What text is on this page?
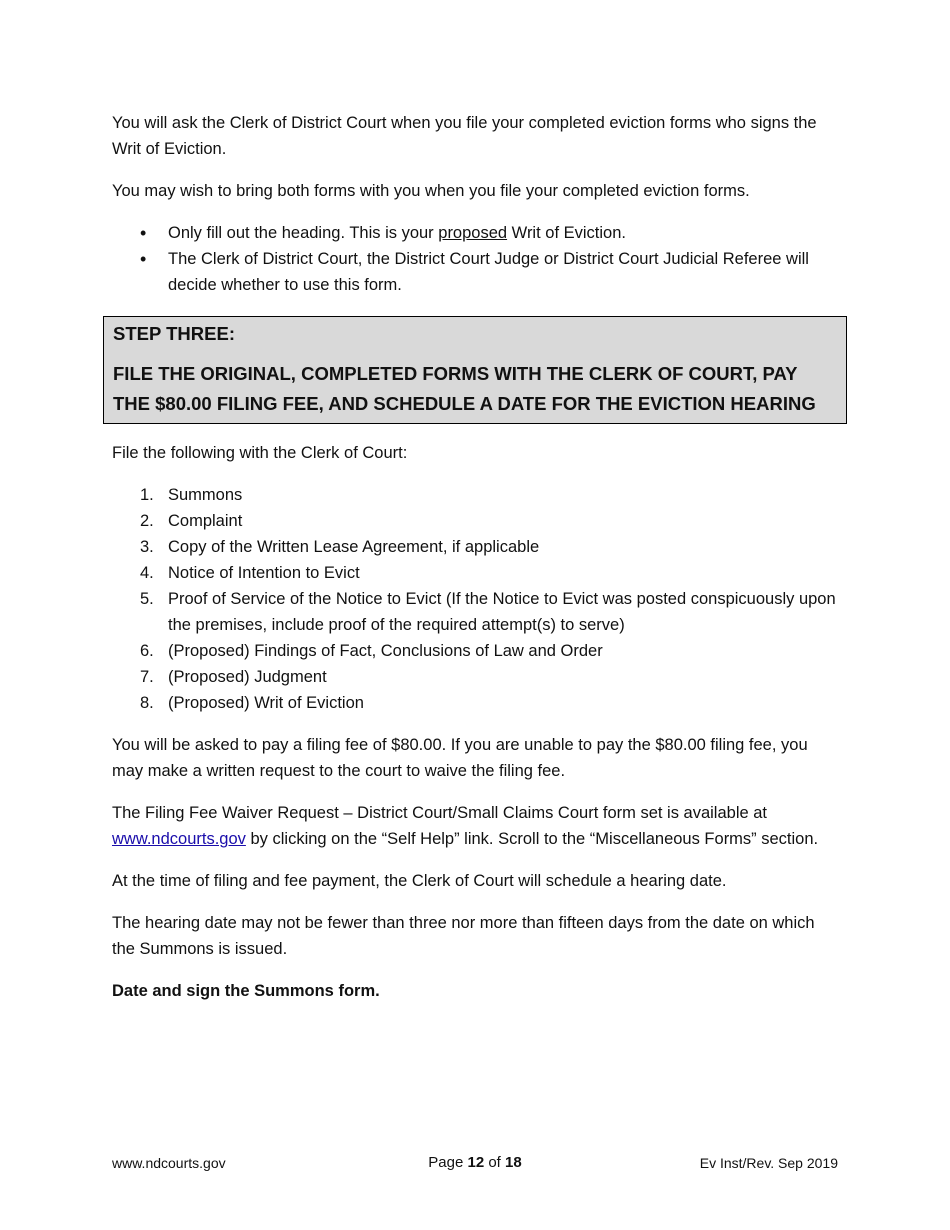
You will ask the Clerk of District Court when you file your completed eviction forms who signs the Writ of Eviction.

You may wish to bring both forms with you when you file your completed eviction forms.

• Only fill out the heading. This is your proposed Writ of Eviction.
• The Clerk of District Court, the District Court Judge or District Court Judicial Referee will decide whether to use this form.
STEP THREE:
FILE THE ORIGINAL, COMPLETED FORMS WITH THE CLERK OF COURT, PAY THE $80.00 FILING FEE, AND SCHEDULE A DATE FOR THE EVICTION HEARING

File the following with the Clerk of Court:

1. Summons
2. Complaint
3. Copy of the Written Lease Agreement, if applicable
4. Notice of Intention to Evict
5. Proof of Service of the Notice to Evict (If the Notice to Evict was posted conspicuously upon the premises, include proof of the required attempt(s) to serve)
6. (Proposed) Findings of Fact, Conclusions of Law and Order
7. (Proposed) Judgment
8. (Proposed) Writ of Eviction

You will be asked to pay a filing fee of $80.00. If you are unable to pay the $80.00 filing fee, you may make a written request to the court to waive the filing fee.

The Filing Fee Waiver Request – District Court/Small Claims Court form set is available at www.ndcourts.gov by clicking on the “Self Help” link. Scroll to the “Miscellaneous Forms” section.

At the time of filing and fee payment, the Clerk of Court will schedule a hearing date.

The hearing date may not be fewer than three nor more than fifteen days from the date on which the Summons is issued.

Date and sign the Summons form.

www.ndcourts.gov	Page 12 of 18	Ev Inst/Rev. Sep 2019
